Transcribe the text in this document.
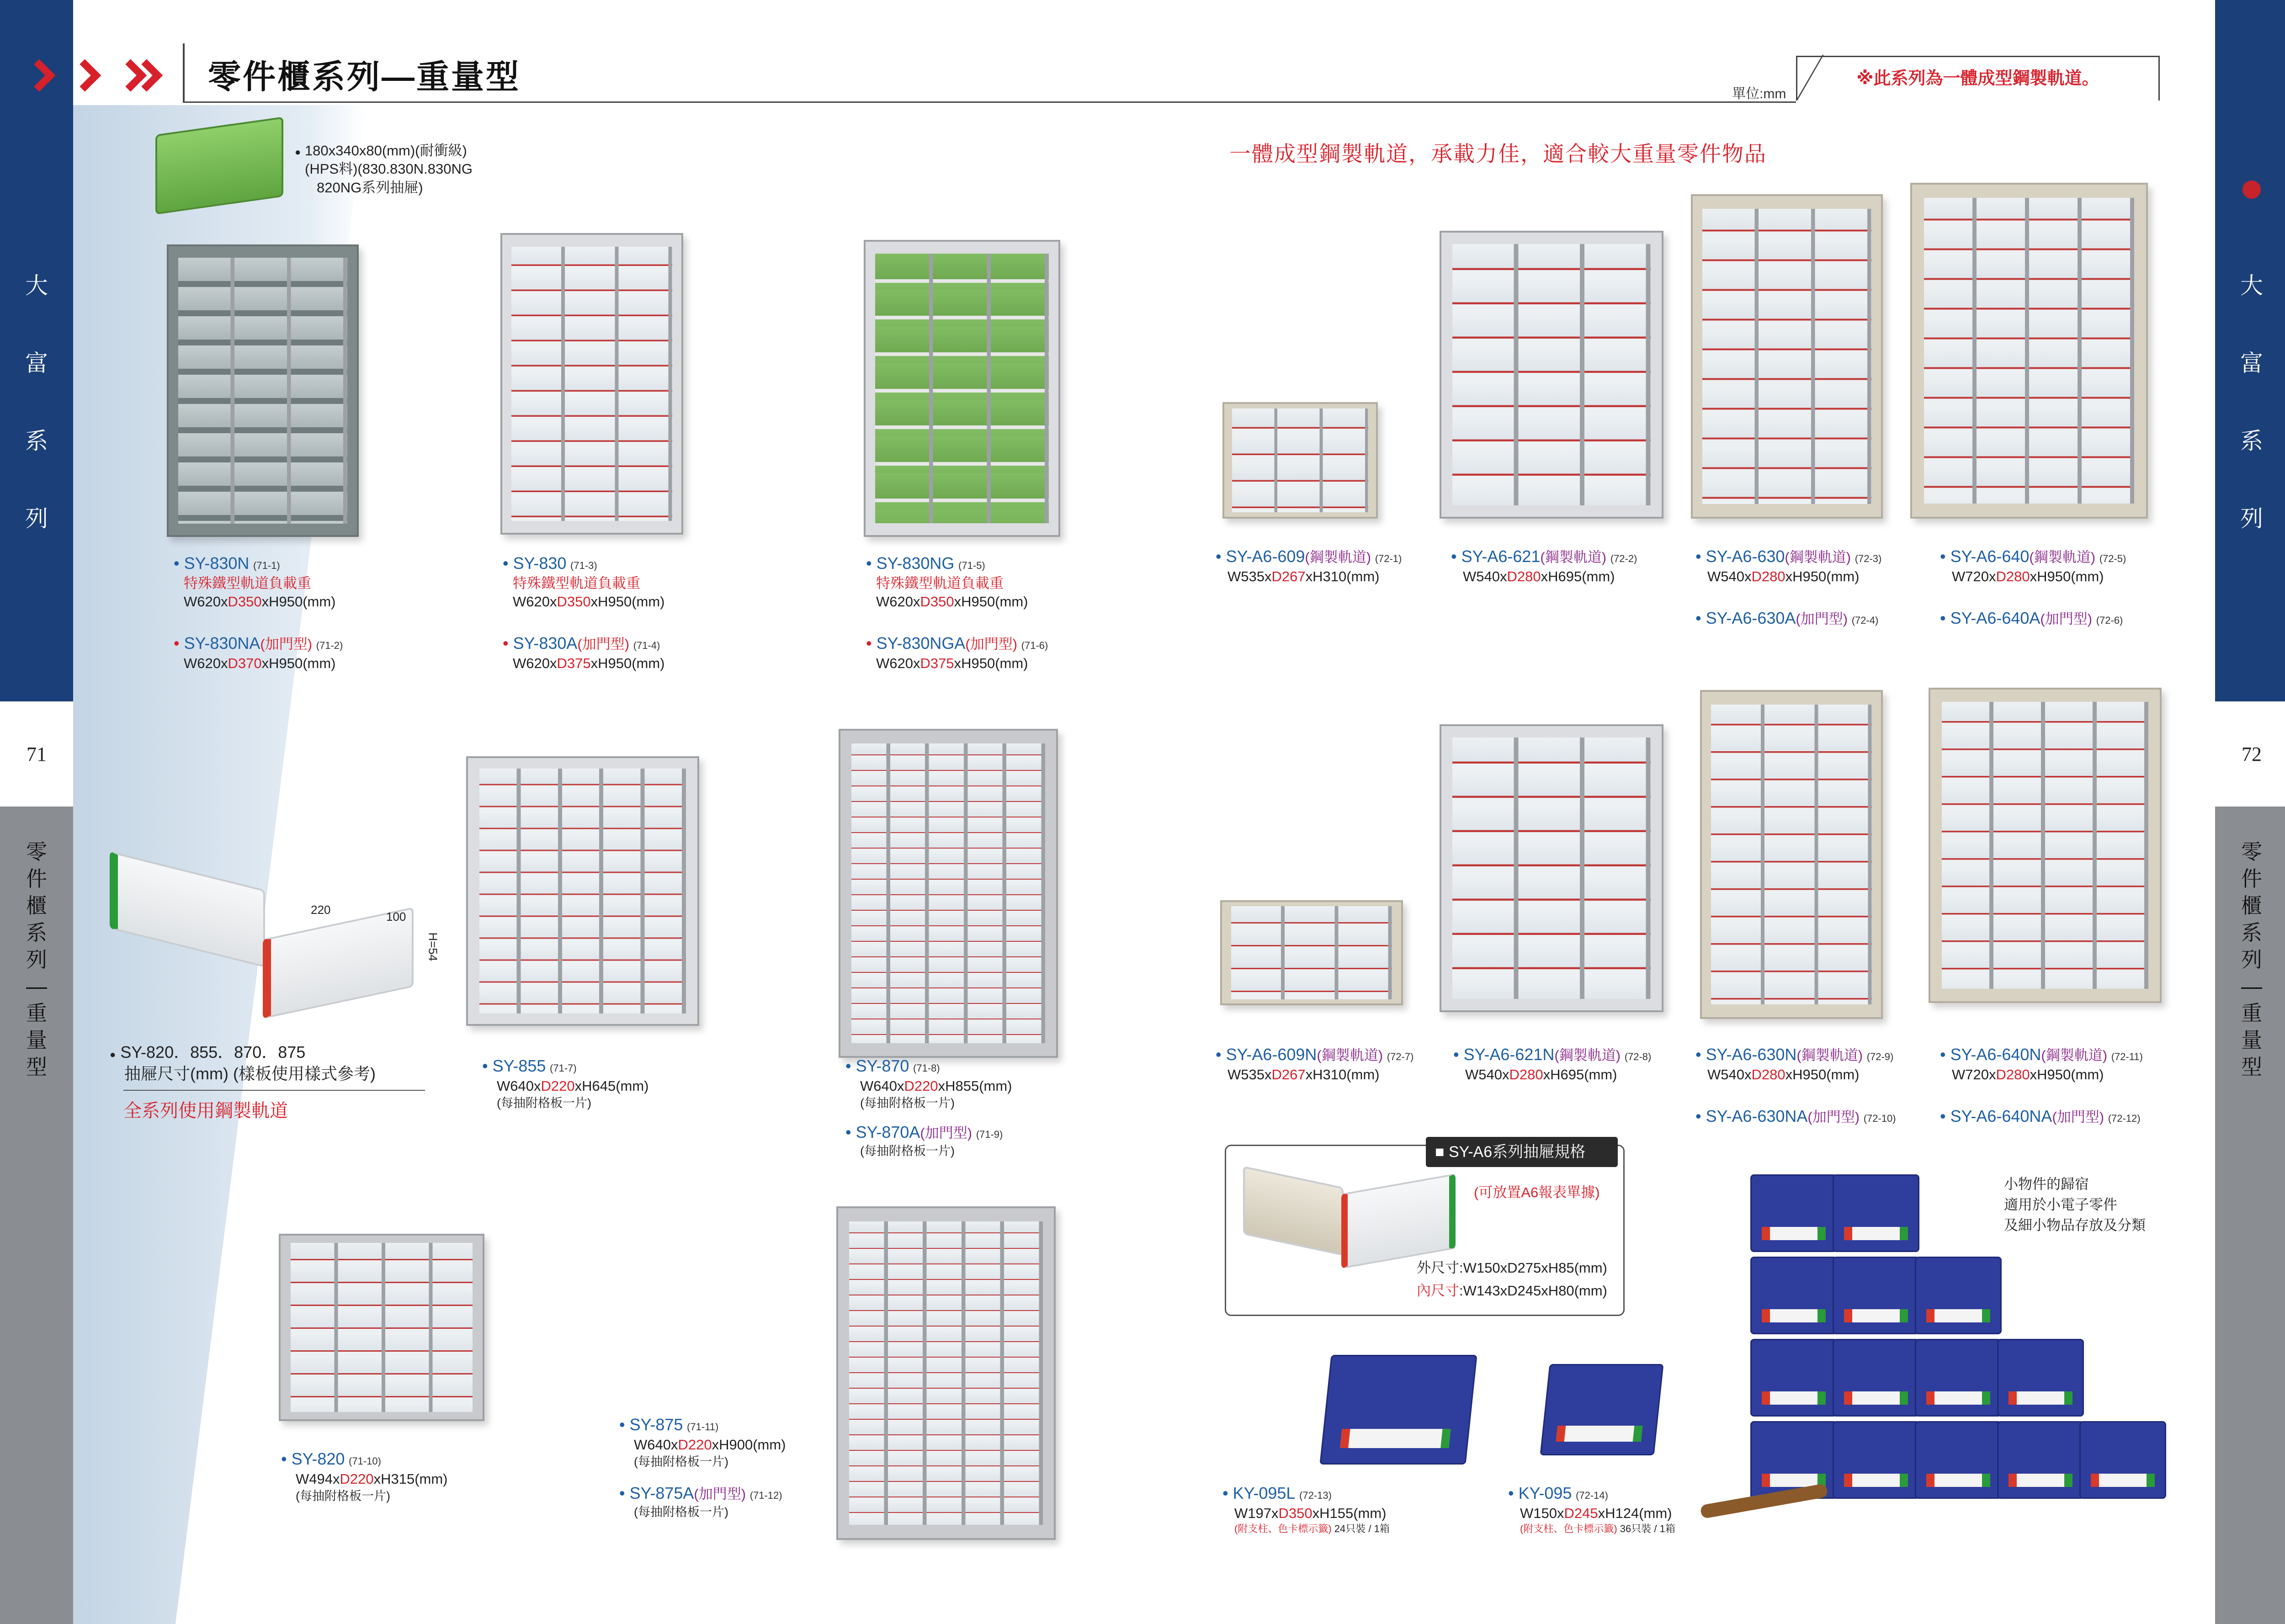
大
富
系
列
大
富
系
列
71	72
零
件
櫃
系
列
—
重
量
型
零
件
櫃
系
列
—
重
量
型
零件櫃系列—重量型	單位:mm
※此系列為一體成型鋼製軌道。
● 180x340x80(mm)(耐衝級)
(HPS料)(830.830N.830NG
820NG系列抽屜)
• SY-830N (71-1)
特殊鐵型軌道負載重
W620xD350xH950(mm)
• SY-830NA(加門型) (71-2)
W620xD370xH950(mm)
• SY-830 (71-3)
特殊鐵型軌道負載重
W620xD350xH950(mm)
• SY-830A(加門型) (71-4)
W620xD375xH950(mm)
• SY-830NG (71-5)
特殊鐵型軌道負載重
W620xD350xH950(mm)
• SY-830NGA(加門型) (71-6)
W620xD375xH950(mm)
220	100
H=54
● SY-820．855．870．875
抽屜尺寸(mm) (樣板使用樣式參考)
全系列使用鋼製軌道
• SY-855 (71-7)
W640xD220xH645(mm)
(每抽附格板一片)
• SY-870 (71-8)
W640xD220xH855(mm)
(每抽附格板一片)
• SY-870A(加門型) (71-9)
(每抽附格板一片)
• SY-820 (71-10)
W494xD220xH315(mm)
(每抽附格板一片)
• SY-875 (71-11)
W640xD220xH900(mm)
(每抽附格板一片)
• SY-875A(加門型) (71-12)
(每抽附格板一片)
一體成型鋼製軌道，承載力佳，適合較大重量零件物品
• SY-A6-609(鋼製軌道) (72-1)
W535xD267xH310(mm)
• SY-A6-621(鋼製軌道) (72-2)
W540xD280xH695(mm)
• SY-A6-630(鋼製軌道) (72-3)
W540xD280xH950(mm)
• SY-A6-640(鋼製軌道) (72-5)
W720xD280xH950(mm)
• SY-A6-630A(加門型) (72-4)	• SY-A6-640A(加門型) (72-6)
• SY-A6-609N(鋼製軌道) (72-7)
W535xD267xH310(mm)
• SY-A6-621N(鋼製軌道) (72-8)
W540xD280xH695(mm)
• SY-A6-630N(鋼製軌道) (72-9)
W540xD280xH950(mm)
• SY-A6-640N(鋼製軌道) (72-11)
W720xD280xH950(mm)
• SY-A6-630NA(加門型) (72-10)	• SY-A6-640NA(加門型) (72-12)
■ SY-A6系列抽屜規格
(可放置A6報表單據)
外尺寸:W150xD275xH85(mm)
內尺寸:W143xD245xH80(mm)
• KY-095L (72-13)
W197xD350xH155(mm)
(附支柱、色卡標示籤) 24只裝 / 1箱
• KY-095 (72-14)
W150xD245xH124(mm)
(附支柱、色卡標示籤) 36只裝 / 1箱
小物件的歸宿
適用於小電子零件
及細小物品存放及分類
